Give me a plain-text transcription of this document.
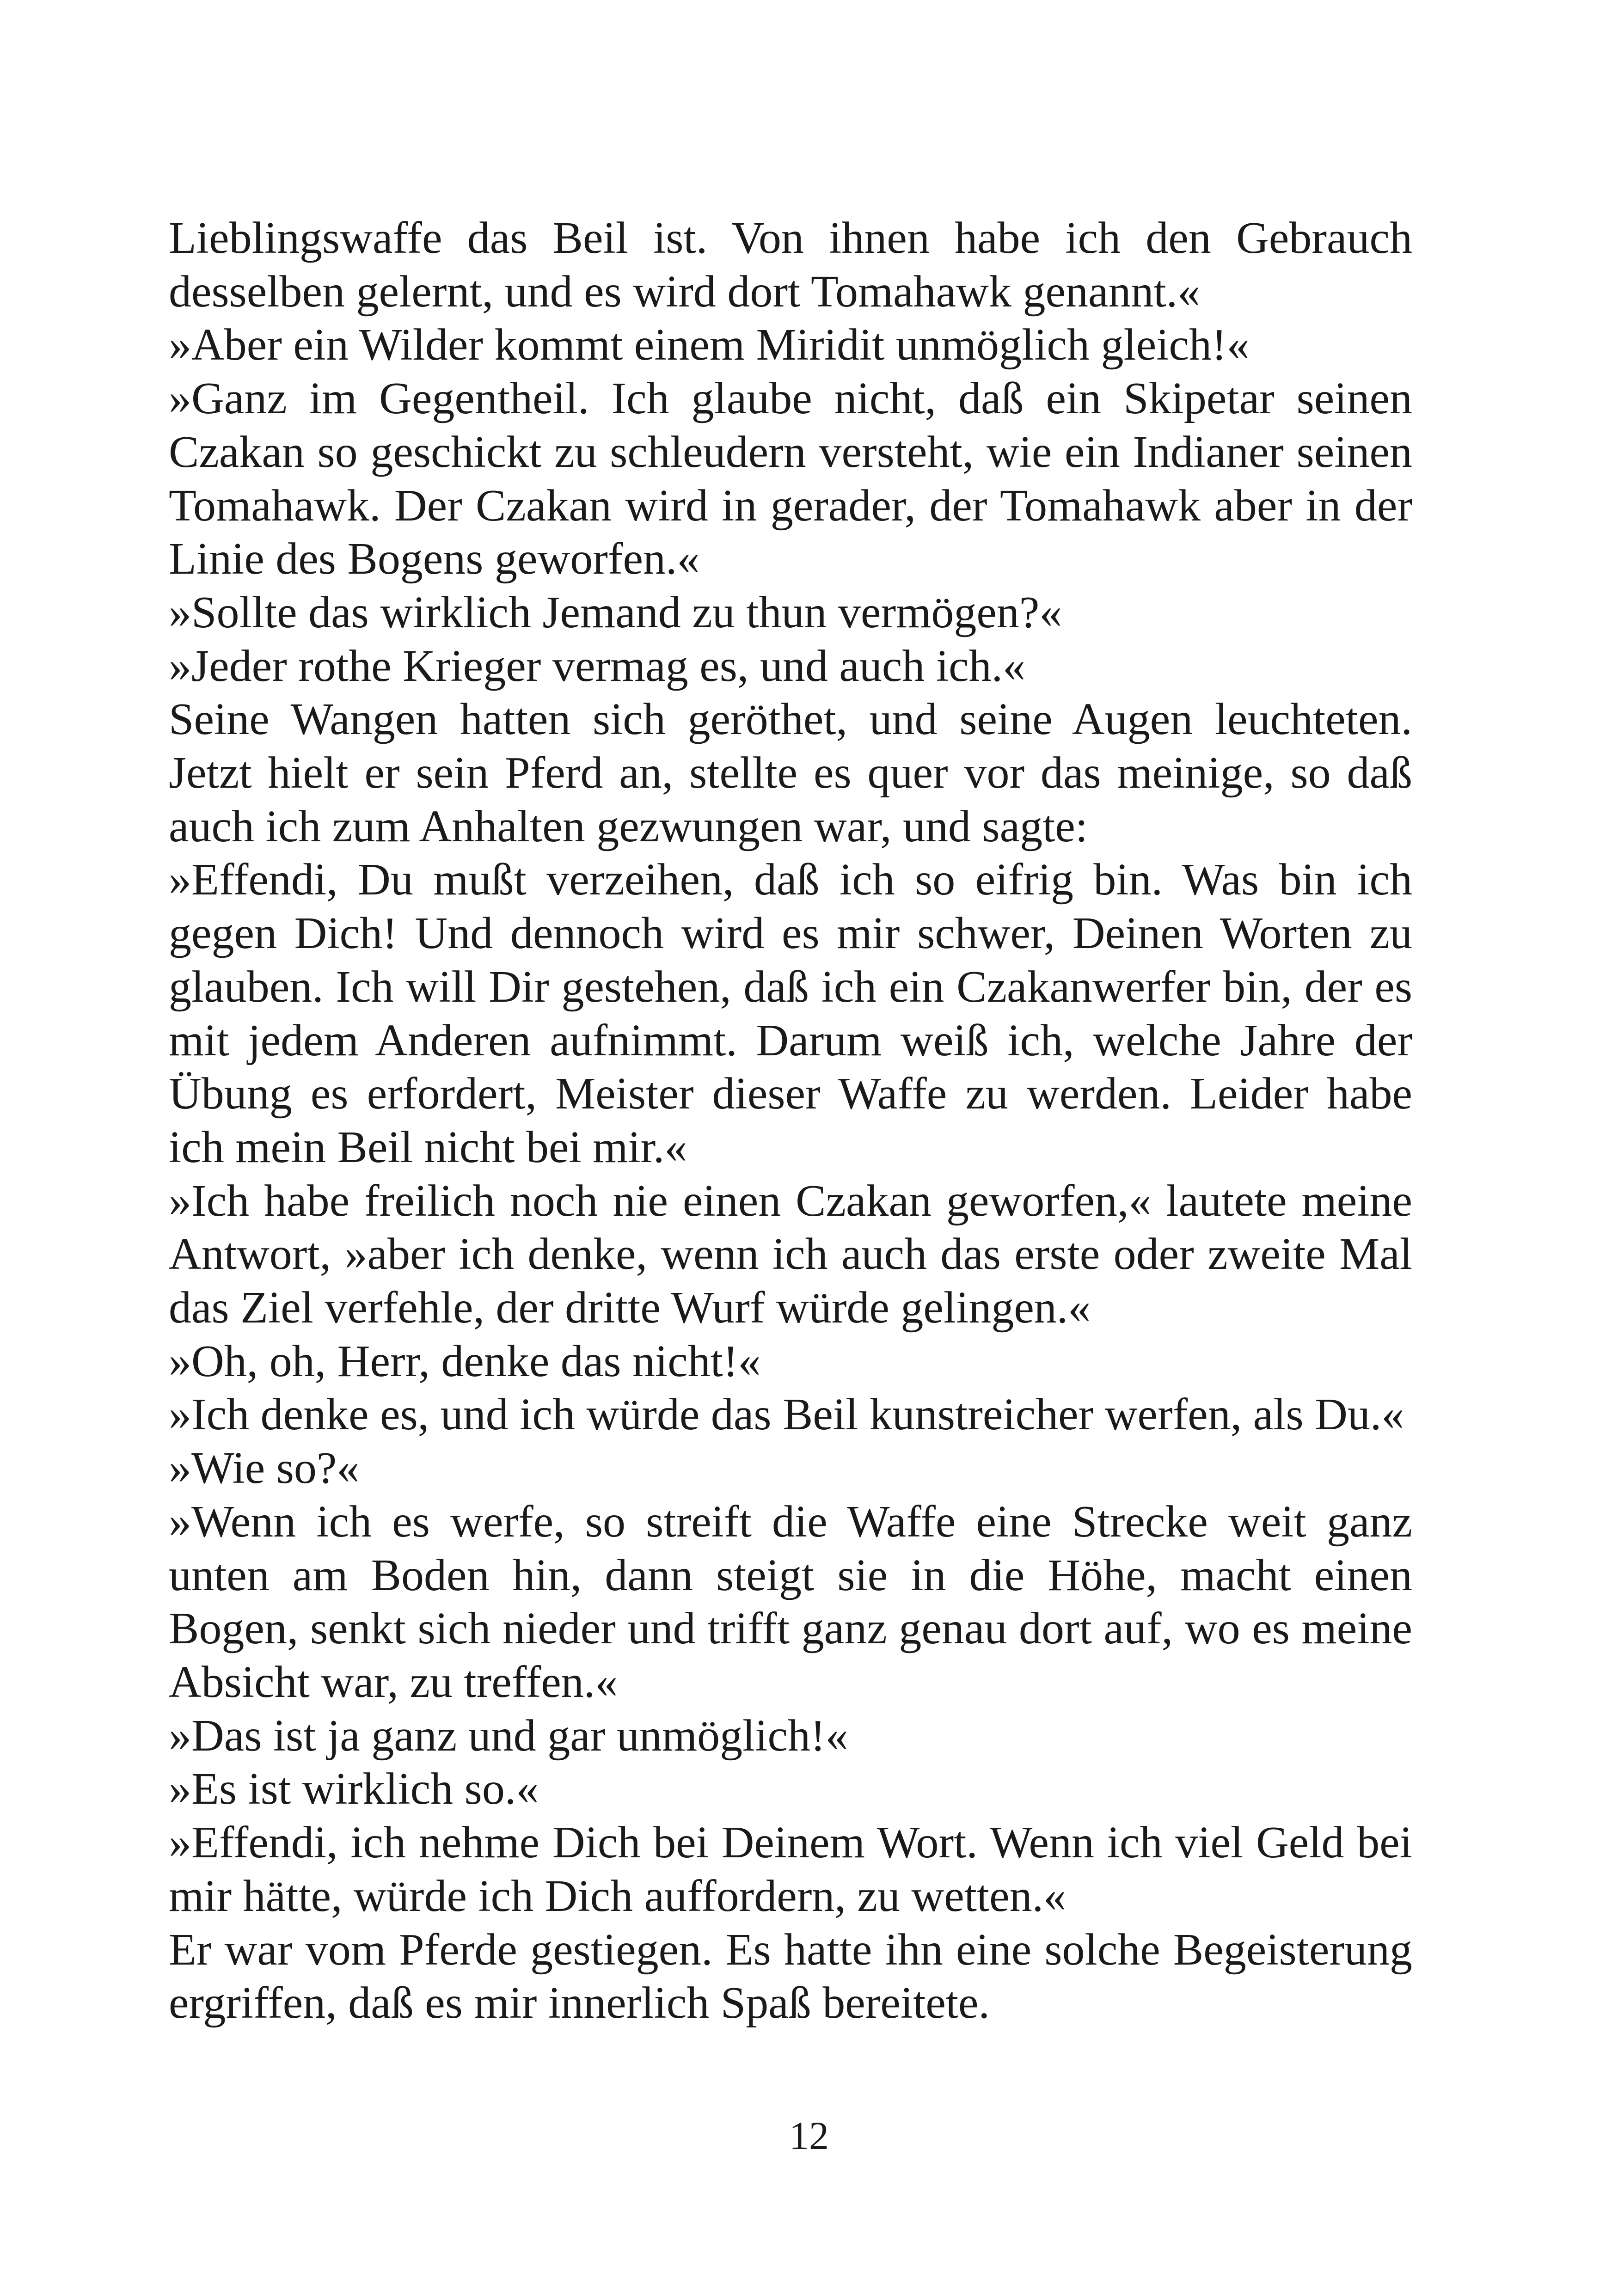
Lieblingswaffe das Beil ist. Von ihnen habe ich den Gebrauch desselben gelernt, und es wird dort Tomahawk genannt.«

»Aber ein Wilder kommt einem Miridit unmöglich gleich!«

»Ganz im Gegentheil. Ich glaube nicht, daß ein Skipetar seinen Czakan so geschickt zu schleudern versteht, wie ein Indianer seinen Tomahawk. Der Czakan wird in gerader, der Tomahawk aber in der Linie des Bogens geworfen.«

»Sollte das wirklich Jemand zu thun vermögen?«

»Jeder rothe Krieger vermag es, und auch ich.«

Seine Wangen hatten sich geröthet, und seine Augen leuchteten. Jetzt hielt er sein Pferd an, stellte es quer vor das meinige, so daß auch ich zum Anhalten gezwungen war, und sagte:

»Effendi, Du mußt verzeihen, daß ich so eifrig bin. Was bin ich gegen Dich! Und dennoch wird es mir schwer, Deinen Worten zu glauben. Ich will Dir gestehen, daß ich ein Czakanwerfer bin, der es mit jedem Anderen aufnimmt. Darum weiß ich, welche Jahre der Übung es erfordert, Meister dieser Waffe zu werden. Leider habe ich mein Beil nicht bei mir.«

»Ich habe freilich noch nie einen Czakan geworfen,« lautete meine Antwort, »aber ich denke, wenn ich auch das erste oder zweite Mal das Ziel verfehle, der dritte Wurf würde gelingen.«

»Oh, oh, Herr, denke das nicht!«

»Ich denke es, und ich würde das Beil kunstreicher werfen, als Du.«

»Wie so?«

»Wenn ich es werfe, so streift die Waffe eine Strecke weit ganz unten am Boden hin, dann steigt sie in die Höhe, macht einen Bogen, senkt sich nieder und trifft ganz genau dort auf, wo es meine Absicht war, zu treffen.«

»Das ist ja ganz und gar unmöglich!«

»Es ist wirklich so.«

»Effendi, ich nehme Dich bei Deinem Wort. Wenn ich viel Geld bei mir hätte, würde ich Dich auffordern, zu wetten.«

Er war vom Pferde gestiegen. Es hatte ihn eine solche Begeisterung ergriffen, daß es mir innerlich Spaß bereitete.

12
